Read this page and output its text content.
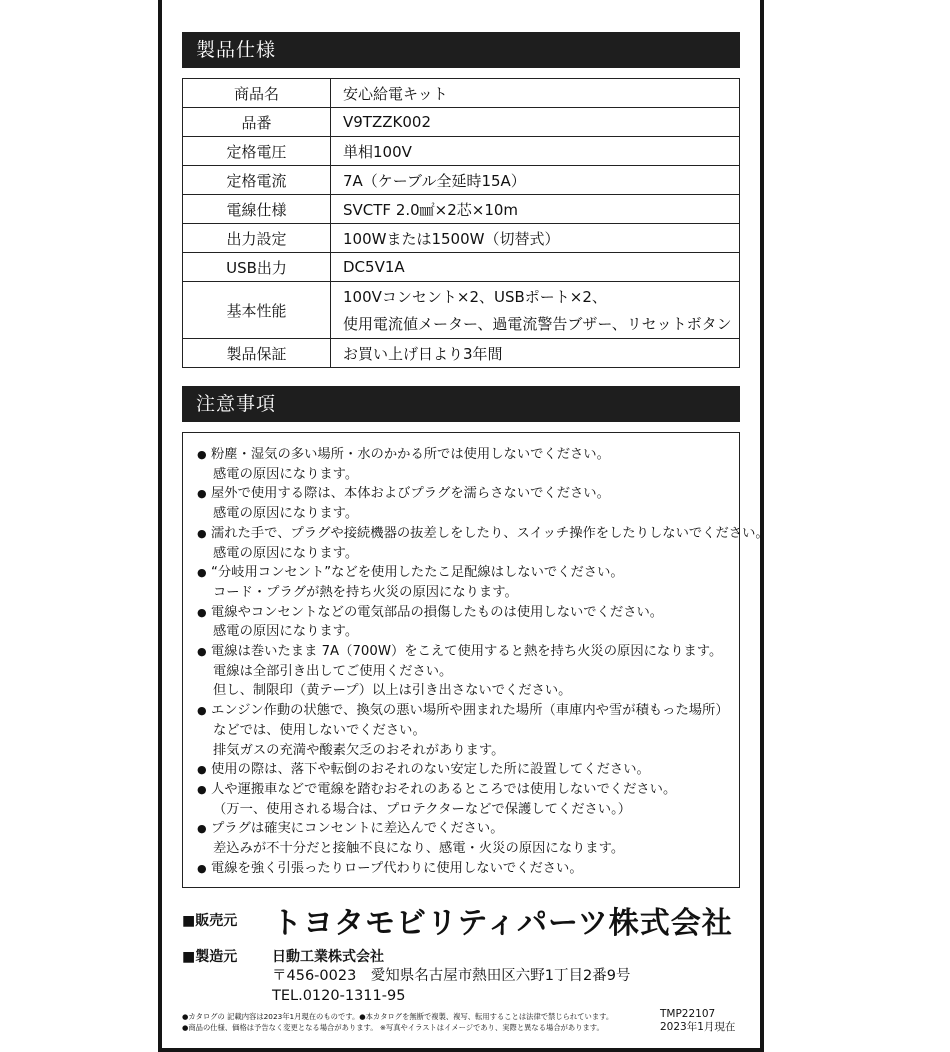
製品仕様
商品名	安心給電キット
品番	V9TZZK002
定格電圧	単相100V
定格電流	7A（ケーブル全延時15A）
電線仕様	SVCTF 2.0㎟×2芯×10m
出力設定	100Wまたは1500W（切替式）
USB出力	DC5V1A
基本性能	100Vコンセント×2、USBポート×2、
使用電流値メーター、過電流警告ブザー、リセットボタン

製品保証	お買い上げ日より3年間
注意事項
● 粉塵・湿気の多い場所・水のかかる所では使用しないでください。
感電の原因になります。
● 屋外で使用する際は、本体およびプラグを濡らさないでください。
感電の原因になります。
● 濡れた手で、プラグや接続機器の抜差しをしたり、スイッチ操作をしたりしないでください。
感電の原因になります。
● “分岐用コンセント”などを使用したたこ足配線はしないでください。
コード・プラグが熱を持ち火災の原因になります。
● 電線やコンセントなどの電気部品の損傷したものは使用しないでください。
感電の原因になります。
● 電線は巻いたまま 7A（700W）をこえて使用すると熱を持ち火災の原因になります。
電線は全部引き出してご使用ください。
但し、制限印（黄テープ）以上は引き出さないでください。
● エンジン作動の状態で、換気の悪い場所や囲まれた場所（車庫内や雪が積もった場所）
などでは、使用しないでください。
排気ガスの充満や酸素欠乏のおそれがあります。
● 使用の際は、落下や転倒のおそれのない安定した所に設置してください。
● 人や運搬車などで電線を踏むおそれのあるところでは使用しないでください。
（万一、使用される場合は、プロテクターなどで保護してください。）
● プラグは確実にコンセントに差込んでください。
差込みが不十分だと接触不良になり、感電・火災の原因になります。
● 電線を強く引張ったりロープ代わりに使用しないでください。
■販売元 トヨタモビリティパーツ株式会社
■製造元 日動工業株式会社
〒456-0023　愛知県名古屋市熱田区六野1丁目2番9号
TEL.0120-1311-95
●カタログの 記載内容は2023年1月現在のものです。●本カタログを無断で複製、複写、転用することは法律で禁じられています。
●商品の仕様、価格は予告なく変更となる場合があります。 ※写真やイラストはイメージであり、実際と異なる場合があります。
TMP22107
2023年1月現在
